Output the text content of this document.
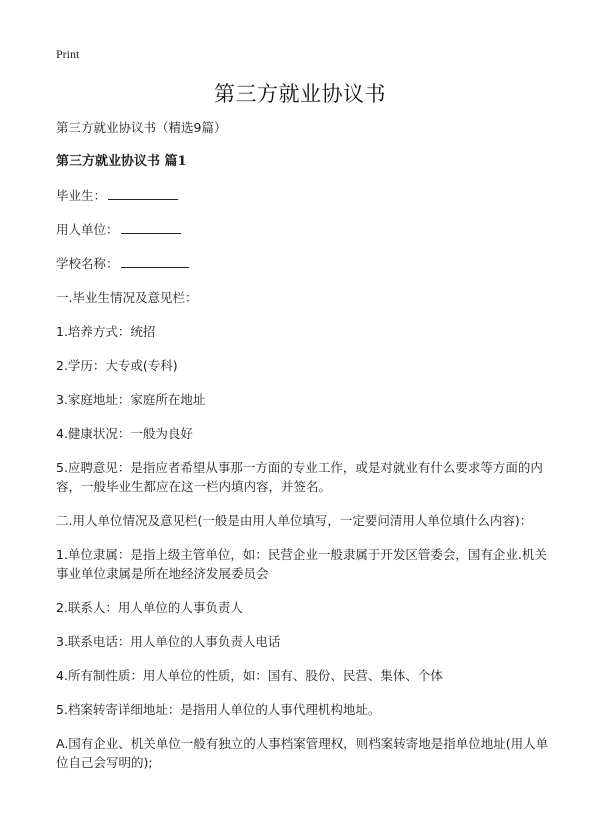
Print
第三方就业协议书

第三方就业协议书（精选9篇）

第三方就业协议书 篇1

毕业生：

用人单位：

学校名称：

一.毕业生情况及意见栏：

1.培养方式：统招

2.学历：大专或(专科)

3.家庭地址：家庭所在地址

4.健康状况：一般为良好

5.应聘意见：是指应者希望从事那一方面的专业工作，或是对就业有什么要求等方面的内容，一般毕业生都应在这一栏内填内容，并签名。

二.用人单位情况及意见栏(一般是由用人单位填写，一定要问清用人单位填什么内容)：

1.单位隶属：是指上级主管单位，如：民营企业一般隶属于开发区管委会，国有企业.机关事业单位隶属是所在地经济发展委员会

2.联系人：用人单位的人事负责人

3.联系电话：用人单位的人事负责人电话

4.所有制性质：用人单位的性质，如：国有、股份、民营、集体、个体

5.档案转寄详细地址：是指用人单位的人事代理机构地址。

A.国有企业、机关单位一般有独立的人事档案管理权，则档案转寄地是指单位地址(用人单位自己会写明的);
